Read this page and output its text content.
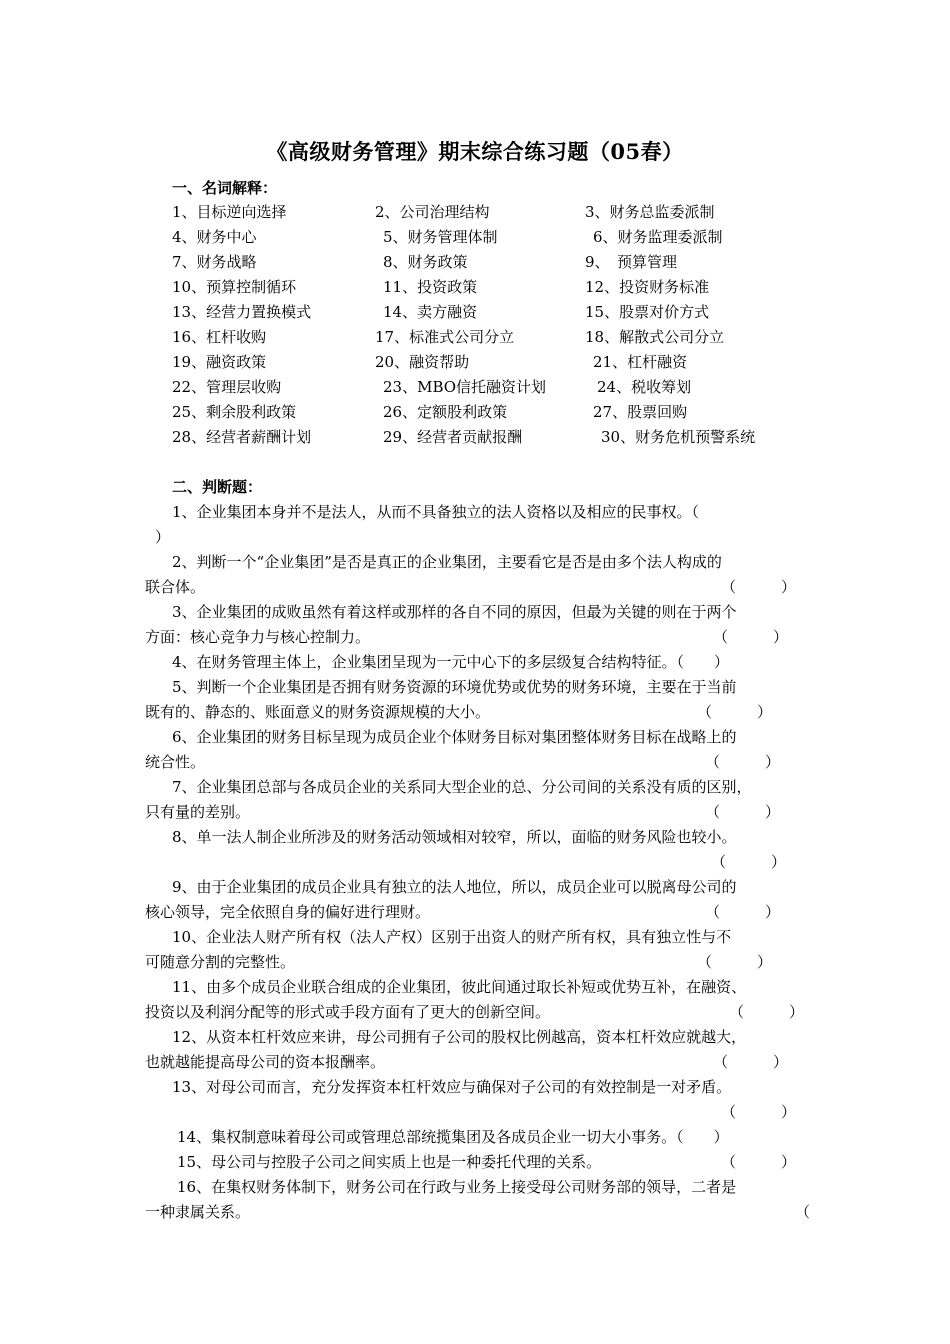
《高级财务管理》期末综合练习题（05春）
一、名词解释：
1、目标逆向选择	2、公司治理结构	3、财务总监委派制
4、财务中心	5、财务管理体制	6、财务监理委派制
7、财务战略	8、财务政策	9、　预算管理
10、预算控制循环	11、投资政策	12、投资财务标准
13、经营力置换模式	14、卖方融资	15、股票对价方式
16、杠杆收购	17、标准式公司分立	18、解散式公司分立
19、融资政策	20、融资帮助	21、杠杆融资
22、管理层收购	23、MBO信托融资计划	24、税收筹划
25、剩余股利政策	26、定额股利政策	27、股票回购
28、经营者薪酬计划	29、经营者贡献报酬	30、财务危机预警系统
二、判断题：
1、企业集团本身并不是法人，从而不具备独立的法人资格以及相应的民事权。（
）
2、判断一个“企业集团”是否是真正的企业集团，主要看它是否是由多个法人构成的
联合体。	（　　　）
3、企业集团的成败虽然有着这样或那样的各自不同的原因，但最为关键的则在于两个
方面：核心竞争力与核心控制力。	（　　　）
4、在财务管理主体上，企业集团呈现为一元中心下的多层级复合结构特征。（　　）
5、判断一个企业集团是否拥有财务资源的环境优势或优势的财务环境，主要在于当前
既有的、静态的、账面意义的财务资源规模的大小。	（　　　）
6、企业集团的财务目标呈现为成员企业个体财务目标对集团整体财务目标在战略上的
统合性。	（　　　）
7、企业集团总部与各成员企业的关系同大型企业的总、分公司间的关系没有质的区别，
只有量的差别。	（　　　）
8、单一法人制企业所涉及的财务活动领域相对较窄，所以，面临的财务风险也较小。
（　　　）
9、由于企业集团的成员企业具有独立的法人地位，所以，成员企业可以脱离母公司的
核心领导，完全依照自身的偏好进行理财。	（　　　）
10、企业法人财产所有权（法人产权）区别于出资人的财产所有权，具有独立性与不
可随意分割的完整性。	（　　　）
11、由多个成员企业联合组成的企业集团，彼此间通过取长补短或优势互补，在融资、
投资以及利润分配等的形式或手段方面有了更大的创新空间。	（　　　）
12、从资本杠杆效应来讲，母公司拥有子公司的股权比例越高，资本杠杆效应就越大，
也就越能提高母公司的资本报酬率。	（　　　）
13、对母公司而言，充分发挥资本杠杆效应与确保对子公司的有效控制是一对矛盾。
（　　　）
14、集权制意味着母公司或管理总部统揽集团及各成员企业一切大小事务。（　　）
15、母公司与控股子公司之间实质上也是一种委托代理的关系。	（　　　）
16、在集权财务体制下，财务公司在行政与业务上接受母公司财务部的领导，二者是
一种隶属关系。	（
